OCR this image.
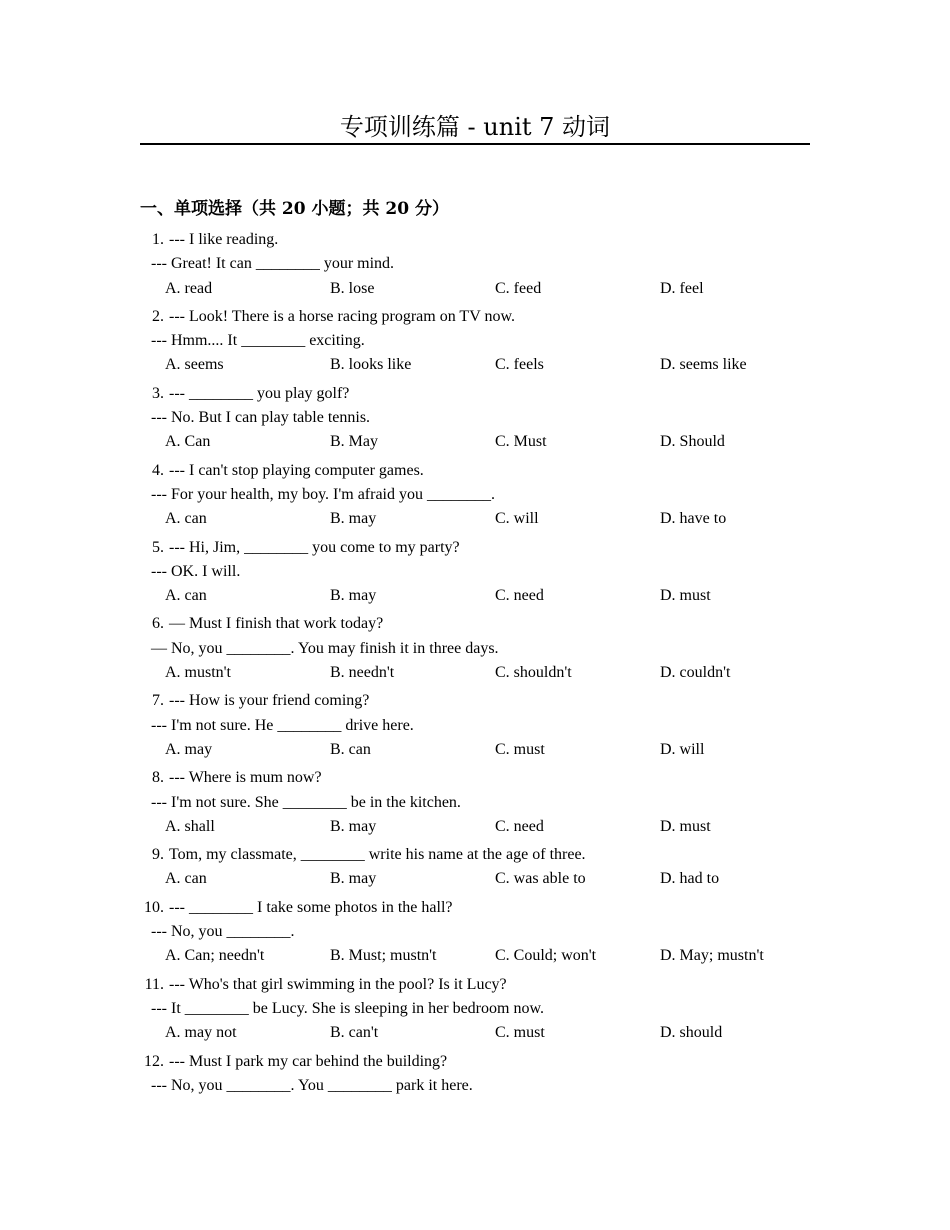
专项训练篇 - unit 7 动词
一、单项选择（共 20 小题；共 20 分）
1. --- I like reading.
--- Great! It can ________ your mind.
A. read	B. lose	C. feed	D. feel
2. --- Look! There is a horse racing program on TV now.
--- Hmm.... It ________ exciting.
A. seems	B. looks like	C. feels	D. seems like
3. --- ________ you play golf?
--- No. But I can play table tennis.
A. Can	B. May	C. Must	D. Should
4. --- I can't stop playing computer games.
--- For your health, my boy. I'm afraid you ________.
A. can	B. may	C. will	D. have to
5. --- Hi, Jim, ________ you come to my party?
--- OK. I will.
A. can	B. may	C. need	D. must
6. — Must I finish that work today?
— No, you ________. You may finish it in three days.
A. mustn't	B. needn't	C. shouldn't	D. couldn't
7. --- How is your friend coming?
--- I'm not sure. He ________ drive here.
A. may	B. can	C. must	D. will
8. --- Where is mum now?
--- I'm not sure. She ________ be in the kitchen.
A. shall	B. may	C. need	D. must
9. Tom, my classmate, ________ write his name at the age of three.
A. can	B. may	C. was able to	D. had to
10. --- ________ I take some photos in the hall?
--- No, you ________.
A. Can; needn't	B. Must; mustn't	C. Could; won't	D. May; mustn't
11. --- Who's that girl swimming in the pool? Is it Lucy?
--- It ________ be Lucy. She is sleeping in her bedroom now.
A. may not	B. can't	C. must	D. should
12. --- Must I park my car behind the building?
--- No, you ________. You ________ park it here.
